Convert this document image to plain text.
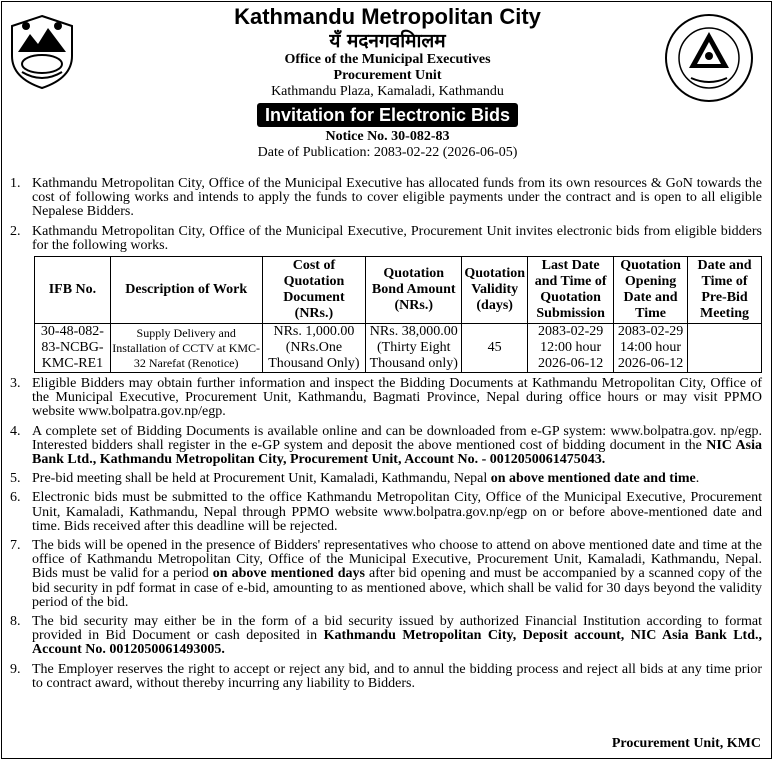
Kathmandu Metropolitan City
यँ मदनगवमािलम
Office of the Municipal Executives
Procurement Unit
Kathmandu Plaza, Kamaladi, Kathmandu
Invitation for Electronic Bids
Notice No. 30-082-83
Date of Publication: 2083-02-22 (2026-06-05)
1. Kathmandu Metropolitan City, Office of the Municipal Executive has allocated funds from its own resources & GoN towards the cost of following works and intends to apply the funds to cover eligible payments under the contract and is open to all eligible Nepalese Bidders.
2. Kathmandu Metropolitan City, Office of the Municipal Executive, Procurement Unit invites electronic bids from eligible bidders for the following works.
IFB No.	Description of Work	Cost of Quotation Document (NRs.)	Quotation Bond Amount (NRs.)	Quotation Validity (days)	Last Date and Time of Quotation Submission	Quotation Opening Date and Time	Date and Time of Pre-Bid Meeting
30-48-082-83-NCBG-KMC-RE1	Supply Delivery and Installation of CCTV at KMC-32 Narefat (Renotice)	NRs. 1,000.00 (NRs.One Thousand Only)	NRs. 38,000.00 (Thirty Eight Thousand only)	45	2083-02-29 12:00 hour 2026-06-12	2083-02-29 14:00 hour 2026-06-12	
3. Eligible Bidders may obtain further information and inspect the Bidding Documents at Kathmandu Metropolitan City, Office of the Municipal Executive, Procurement Unit, Kathmandu, Bagmati Province, Nepal during office hours or may visit PPMO website www.bolpatra.gov.np/egp.
4. A complete set of Bidding Documents is available online and can be downloaded from e-GP system: www.bolpatra.gov. np/egp. Interested bidders shall register in the e-GP system and deposit the above mentioned cost of bidding document in the NIC Asia Bank Ltd., Kathmandu Metropolitan City, Procurement Unit, Account No. - 0012050061475043.
5. Pre-bid meeting shall be held at Procurement Unit, Kamaladi, Kathmandu, Nepal on above mentioned date and time.
6. Electronic bids must be submitted to the office Kathmandu Metropolitan City, Office of the Municipal Executive, Procurement Unit, Kamaladi, Kathmandu, Nepal through PPMO website www.bolpatra.gov.np/egp on or before above-mentioned date and time. Bids received after this deadline will be rejected.
7. The bids will be opened in the presence of Bidders' representatives who choose to attend on above mentioned date and time at the office of Kathmandu Metropolitan City, Office of the Municipal Executive, Procurement Unit, Kamaladi, Kathmandu, Nepal. Bids must be valid for a period on above mentioned days after bid opening and must be accompanied by a scanned copy of the bid security in pdf format in case of e-bid, amounting to as mentioned above, which shall be valid for 30 days beyond the validity period of the bid.
8. The bid security may either be in the form of a bid security issued by authorized Financial Institution according to format provided in Bid Document or cash deposited in Kathmandu Metropolitan City, Deposit account, NIC Asia Bank Ltd., Account No. 0012050061493005.
9. The Employer reserves the right to accept or reject any bid, and to annul the bidding process and reject all bids at any time prior to contract award, without thereby incurring any liability to Bidders.
Procurement Unit, KMC
